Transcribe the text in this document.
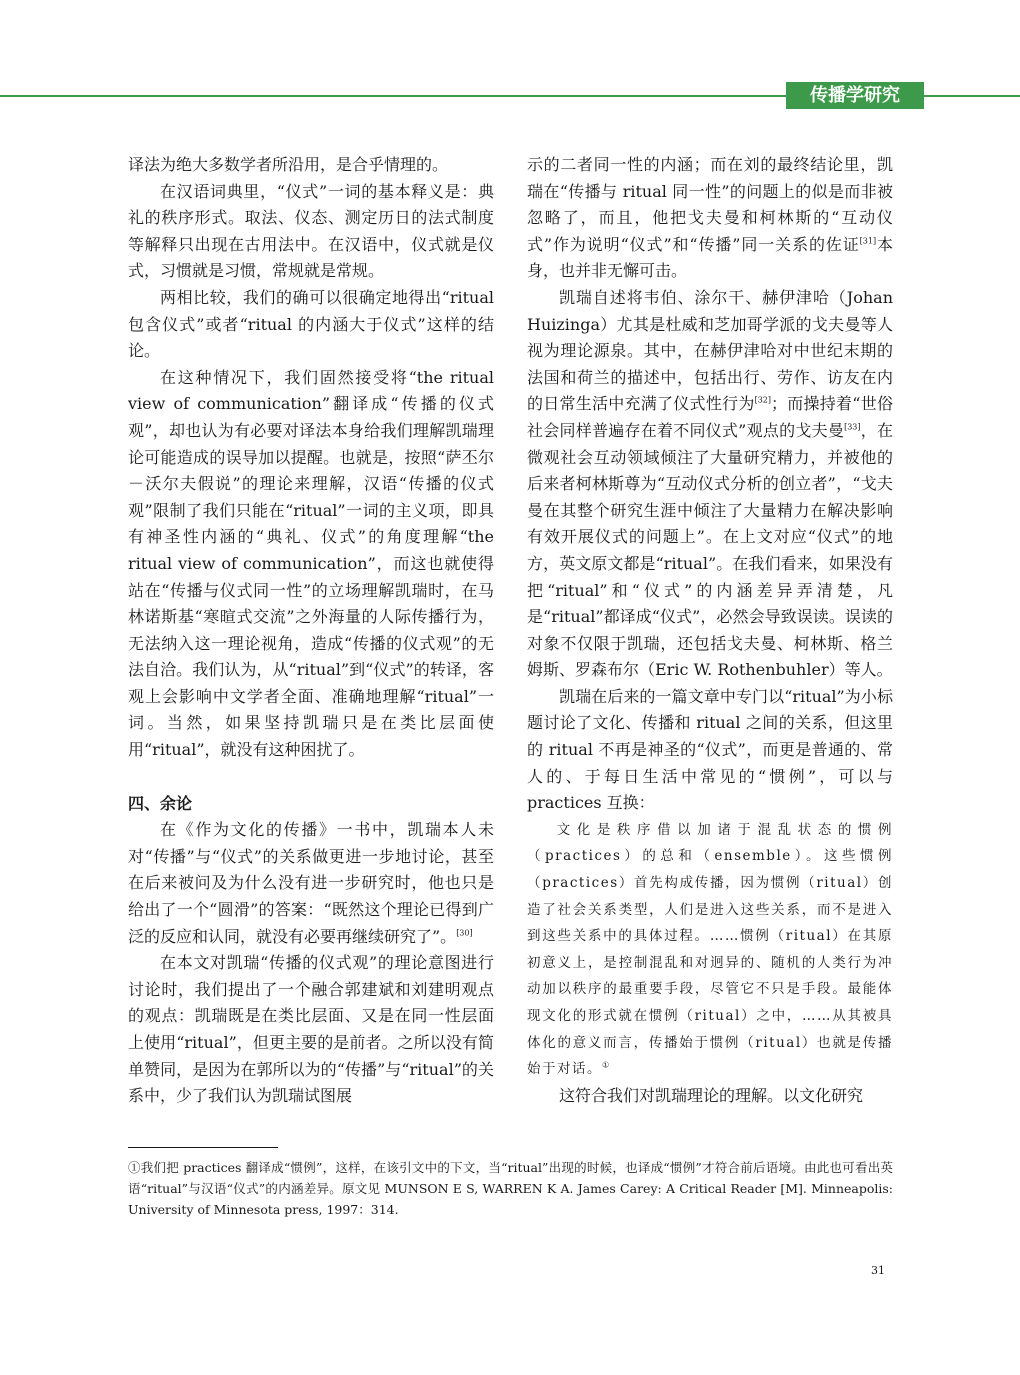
传播学研究

译法为绝大多数学者所沿用，是合乎情理的。

在汉语词典里，“仪式”一词的基本释义是：典礼的秩序形式。取法、仪态、测定历日的法式制度等解释只出现在古用法中。在汉语中，仪式就是仪式，习惯就是习惯，常规就是常规。

两相比较，我们的确可以很确定地得出“ritual 包含仪式”或者“ritual 的内涵大于仪式”这样的结论。

在这种情况下，我们固然接受将“the ritual view of communication”翻译成“传播的仪式观”，却也认为有必要对译法本身给我们理解凯瑞理论可能造成的误导加以提醒。也就是，按照“萨丕尔－沃尔夫假说”的理论来理解，汉语“传播的仪式观”限制了我们只能在“ritual”一词的主义项，即具有神圣性内涵的“典礼、仪式”的角度理解“the ritual view of communication”，而这也就使得站在“传播与仪式同一性”的立场理解凯瑞时，在马林诺斯基“寒暄式交流”之外海量的人际传播行为，无法纳入这一理论视角，造成“传播的仪式观”的无法自洽。我们认为，从“ritual”到“仪式”的转译，客观上会影响中文学者全面、准确地理解“ritual”一词。当然，如果坚持凯瑞只是在类比层面使用“ritual”，就没有这种困扰了。

四、余论

在《作为文化的传播》一书中，凯瑞本人未对“传播”与“仪式”的关系做更进一步地讨论，甚至在后来被问及为什么没有进一步研究时，他也只是给出了一个“圆滑”的答案：“既然这个理论已得到广泛的反应和认同，就没有必要再继续研究了”。[30]

在本文对凯瑞“传播的仪式观”的理论意图进行讨论时，我们提出了一个融合郭建斌和刘建明观点的观点：凯瑞既是在类比层面、又是在同一性层面上使用“ritual”，但更主要的是前者。之所以没有简单赞同，是因为在郭所以为的“传播”与“ritual”的关系中，少了我们认为凯瑞试图展

示的二者同一性的内涵；而在刘的最终结论里，凯瑞在“传播与 ritual 同一性”的问题上的似是而非被忽略了，而且，他把戈夫曼和柯林斯的“互动仪式”作为说明“仪式”和“传播”同一关系的佐证[31]本身，也并非无懈可击。

凯瑞自述将韦伯、涂尔干、赫伊津哈（Johan Huizinga）尤其是杜威和芝加哥学派的戈夫曼等人视为理论源泉。其中，在赫伊津哈对中世纪末期的法国和荷兰的描述中，包括出行、劳作、访友在内的日常生活中充满了仪式性行为[32]；而操持着“世俗社会同样普遍存在着不同仪式”观点的戈夫曼[33]，在微观社会互动领域倾注了大量研究精力，并被他的后来者柯林斯尊为“互动仪式分析的创立者”，“戈夫曼在其整个研究生涯中倾注了大量精力在解决影响有效开展仪式的问题上”。在上文对应“仪式”的地方，英文原文都是“ritual”。在我们看来，如果没有把“ritual”和“仪式”的内涵差异弄清楚，凡是“ritual”都译成“仪式”，必然会导致误读。误读的对象不仅限于凯瑞，还包括戈夫曼、柯林斯、格兰姆斯、罗森布尔（Eric W. Rothenbuhler）等人。

凯瑞在后来的一篇文章中专门以“ritual”为小标题讨论了文化、传播和 ritual 之间的关系，但这里的 ritual 不再是神圣的“仪式”，而更是普通的、常人的、于每日生活中常见的“惯例”，可以与 practices 互换：

文化是秩序借以加诸于混乱状态的惯例（practices）的总和（ensemble）。这些惯例（practices）首先构成传播，因为惯例（ritual）创造了社会关系类型，人们是进入这些关系，而不是进入到这些关系中的具体过程。……惯例（ritual）在其原初意义上，是控制混乱和对迥异的、随机的人类行为冲动加以秩序的最重要手段，尽管它不只是手段。最能体现文化的形式就在惯例（ritual）之中，……从其被具体化的意义而言，传播始于惯例（ritual）也就是传播始于对话。①

这符合我们对凯瑞理论的理解。以文化研究

①我们把 practices 翻译成“惯例”，这样，在该引文中的下文，当“ritual”出现的时候，也译成“惯例”才符合前后语境。由此也可看出英语“ritual”与汉语“仪式”的内涵差异。原文见 MUNSON E S, WARREN K A. James Carey: A Critical Reader [M]. Minneapolis: University of Minnesota press, 1997：314.
31
